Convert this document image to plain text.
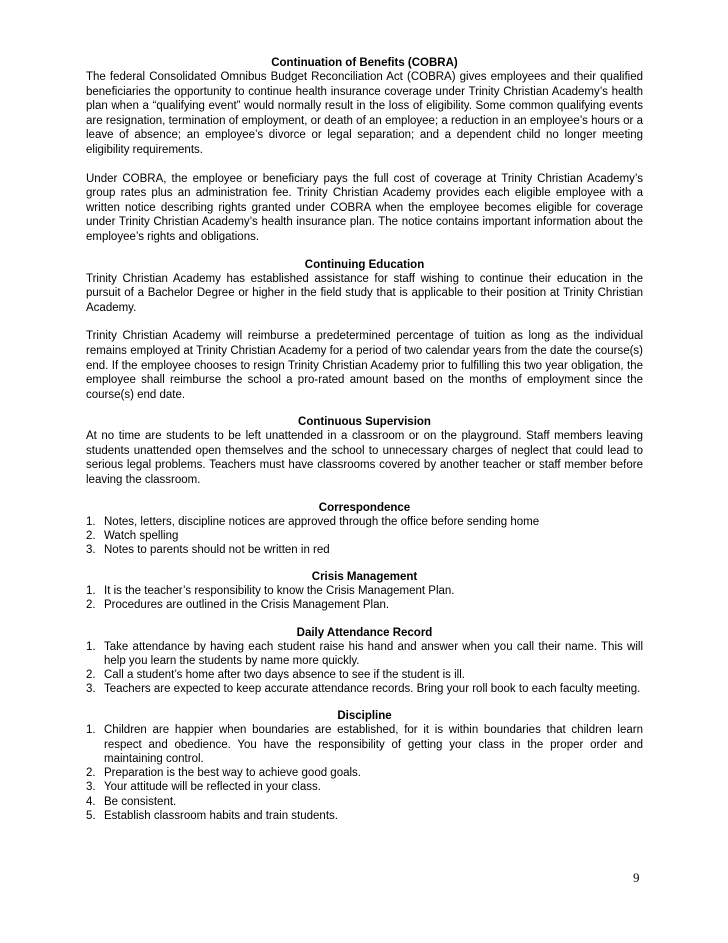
Continuation of Benefits (COBRA)

The federal Consolidated Omnibus Budget Reconciliation Act (COBRA) gives employees and their qualified beneficiaries the opportunity to continue health insurance coverage under Trinity Christian Academy’s health plan when a “qualifying event” would normally result in the loss of eligibility. Some common qualifying events are resignation, termination of employment, or death of an employee; a reduction in an employee’s hours or a leave of absence; an employee’s divorce or legal separation; and a dependent child no longer meeting eligibility requirements.

Under COBRA, the employee or beneficiary pays the full cost of coverage at Trinity Christian Academy’s group rates plus an administration fee. Trinity Christian Academy provides each eligible employee with a written notice describing rights granted under COBRA when the employee becomes eligible for coverage under Trinity Christian Academy’s health insurance plan. The notice contains important information about the employee’s rights and obligations.

Continuing Education

Trinity Christian Academy has established assistance for staff wishing to continue their education in the pursuit of a Bachelor Degree or higher in the field study that is applicable to their position at Trinity Christian Academy.

Trinity Christian Academy will reimburse a predetermined percentage of tuition as long as the individual remains employed at Trinity Christian Academy for a period of two calendar years from the date the course(s) end. If the employee chooses to resign Trinity Christian Academy prior to fulfilling this two year obligation, the employee shall reimburse the school a pro-rated amount based on the months of employment since the course(s) end date.

Continuous Supervision

At no time are students to be left unattended in a classroom or on the playground. Staff members leaving students unattended open themselves and the school to unnecessary charges of neglect that could lead to serious legal problems. Teachers must have classrooms covered by another teacher or staff member before leaving the classroom.

Correspondence
1. Notes, letters, discipline notices are approved through the office before sending home
2. Watch spelling
3. Notes to parents should not be written in red
Crisis Management
1. It is the teacher’s responsibility to know the Crisis Management Plan.
2. Procedures are outlined in the Crisis Management Plan.
Daily Attendance Record
1. Take attendance by having each student raise his hand and answer when you call their name. This will help you learn the students by name more quickly.
2. Call a student’s home after two days absence to see if the student is ill.
3. Teachers are expected to keep accurate attendance records. Bring your roll book to each faculty meeting.
Discipline
1. Children are happier when boundaries are established, for it is within boundaries that children learn respect and obedience. You have the responsibility of getting your class in the proper order and maintaining control.
2. Preparation is the best way to achieve good goals.
3. Your attitude will be reflected in your class.
4. Be consistent.
5. Establish classroom habits and train students.
9
